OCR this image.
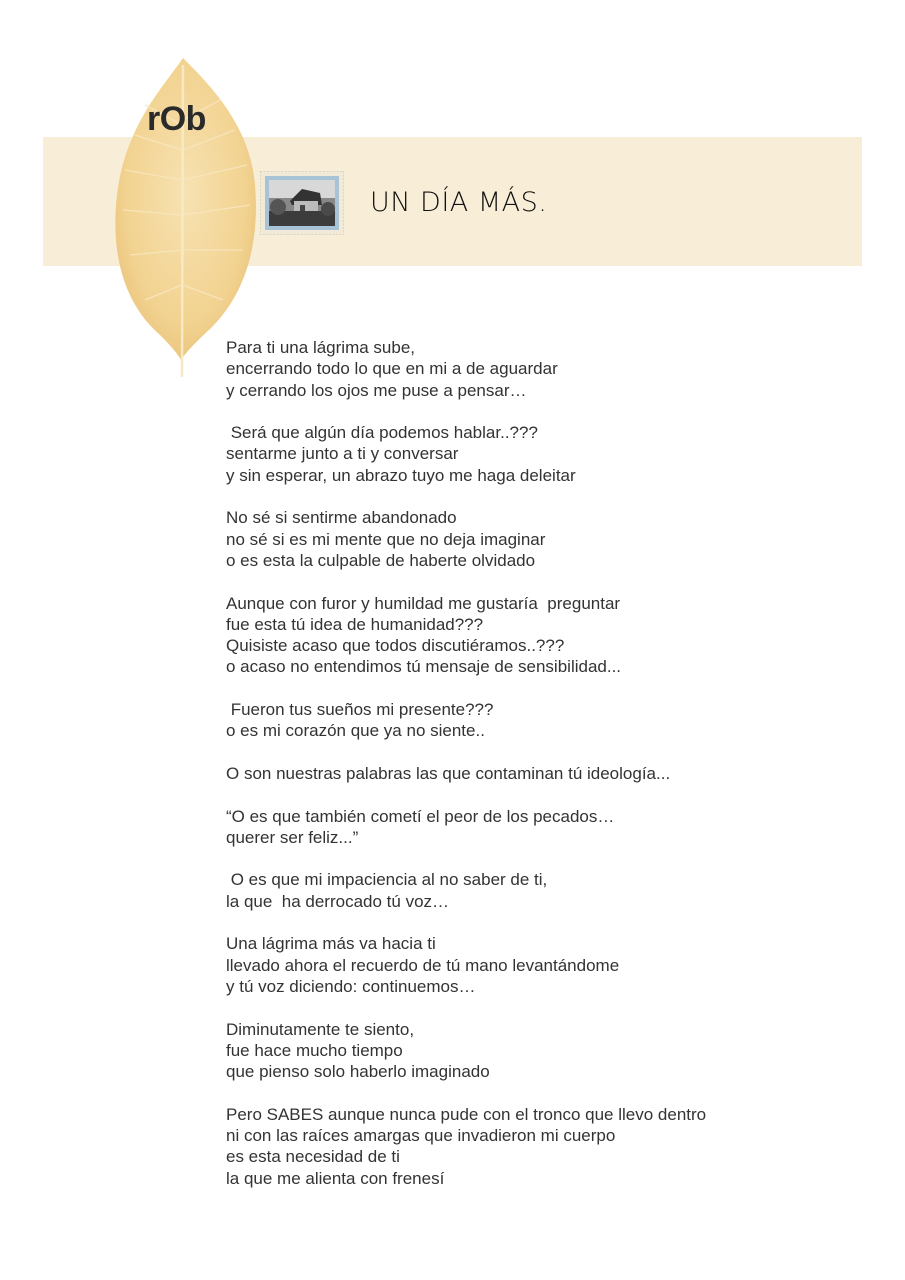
rOb
UN DÍA MÁS.
Para ti una lágrima sube,
encerrando todo lo que en mi a de aguardar
y cerrando los ojos me puse a pensar…
Será que algún día podemos hablar..???
sentarme junto a ti y conversar
y sin esperar, un abrazo tuyo me haga deleitar
No sé si sentirme abandonado
no sé si es mi mente que no deja imaginar
o es esta la culpable de haberte olvidado
Aunque con furor y humildad me gustaría  preguntar
fue esta tú idea de humanidad???
Quisiste acaso que todos discutiéramos..???
o acaso no entendimos tú mensaje de sensibilidad...
Fueron tus sueños mi presente???
o es mi corazón que ya no siente..
O son nuestras palabras las que contaminan tú ideología...
“O es que también cometí el peor de los pecados…
querer ser feliz...”
O es que mi impaciencia al no saber de ti,
la que  ha derrocado tú voz…
Una lágrima más va hacia ti
llevado ahora el recuerdo de tú mano levantándome
y tú voz diciendo: continuemos…
Diminutamente te siento,
fue hace mucho tiempo
que pienso solo haberlo imaginado
Pero SABES aunque nunca pude con el tronco que llevo dentro
ni con las raíces amargas que invadieron mi cuerpo
es esta necesidad de ti
la que me alienta con frenesí
